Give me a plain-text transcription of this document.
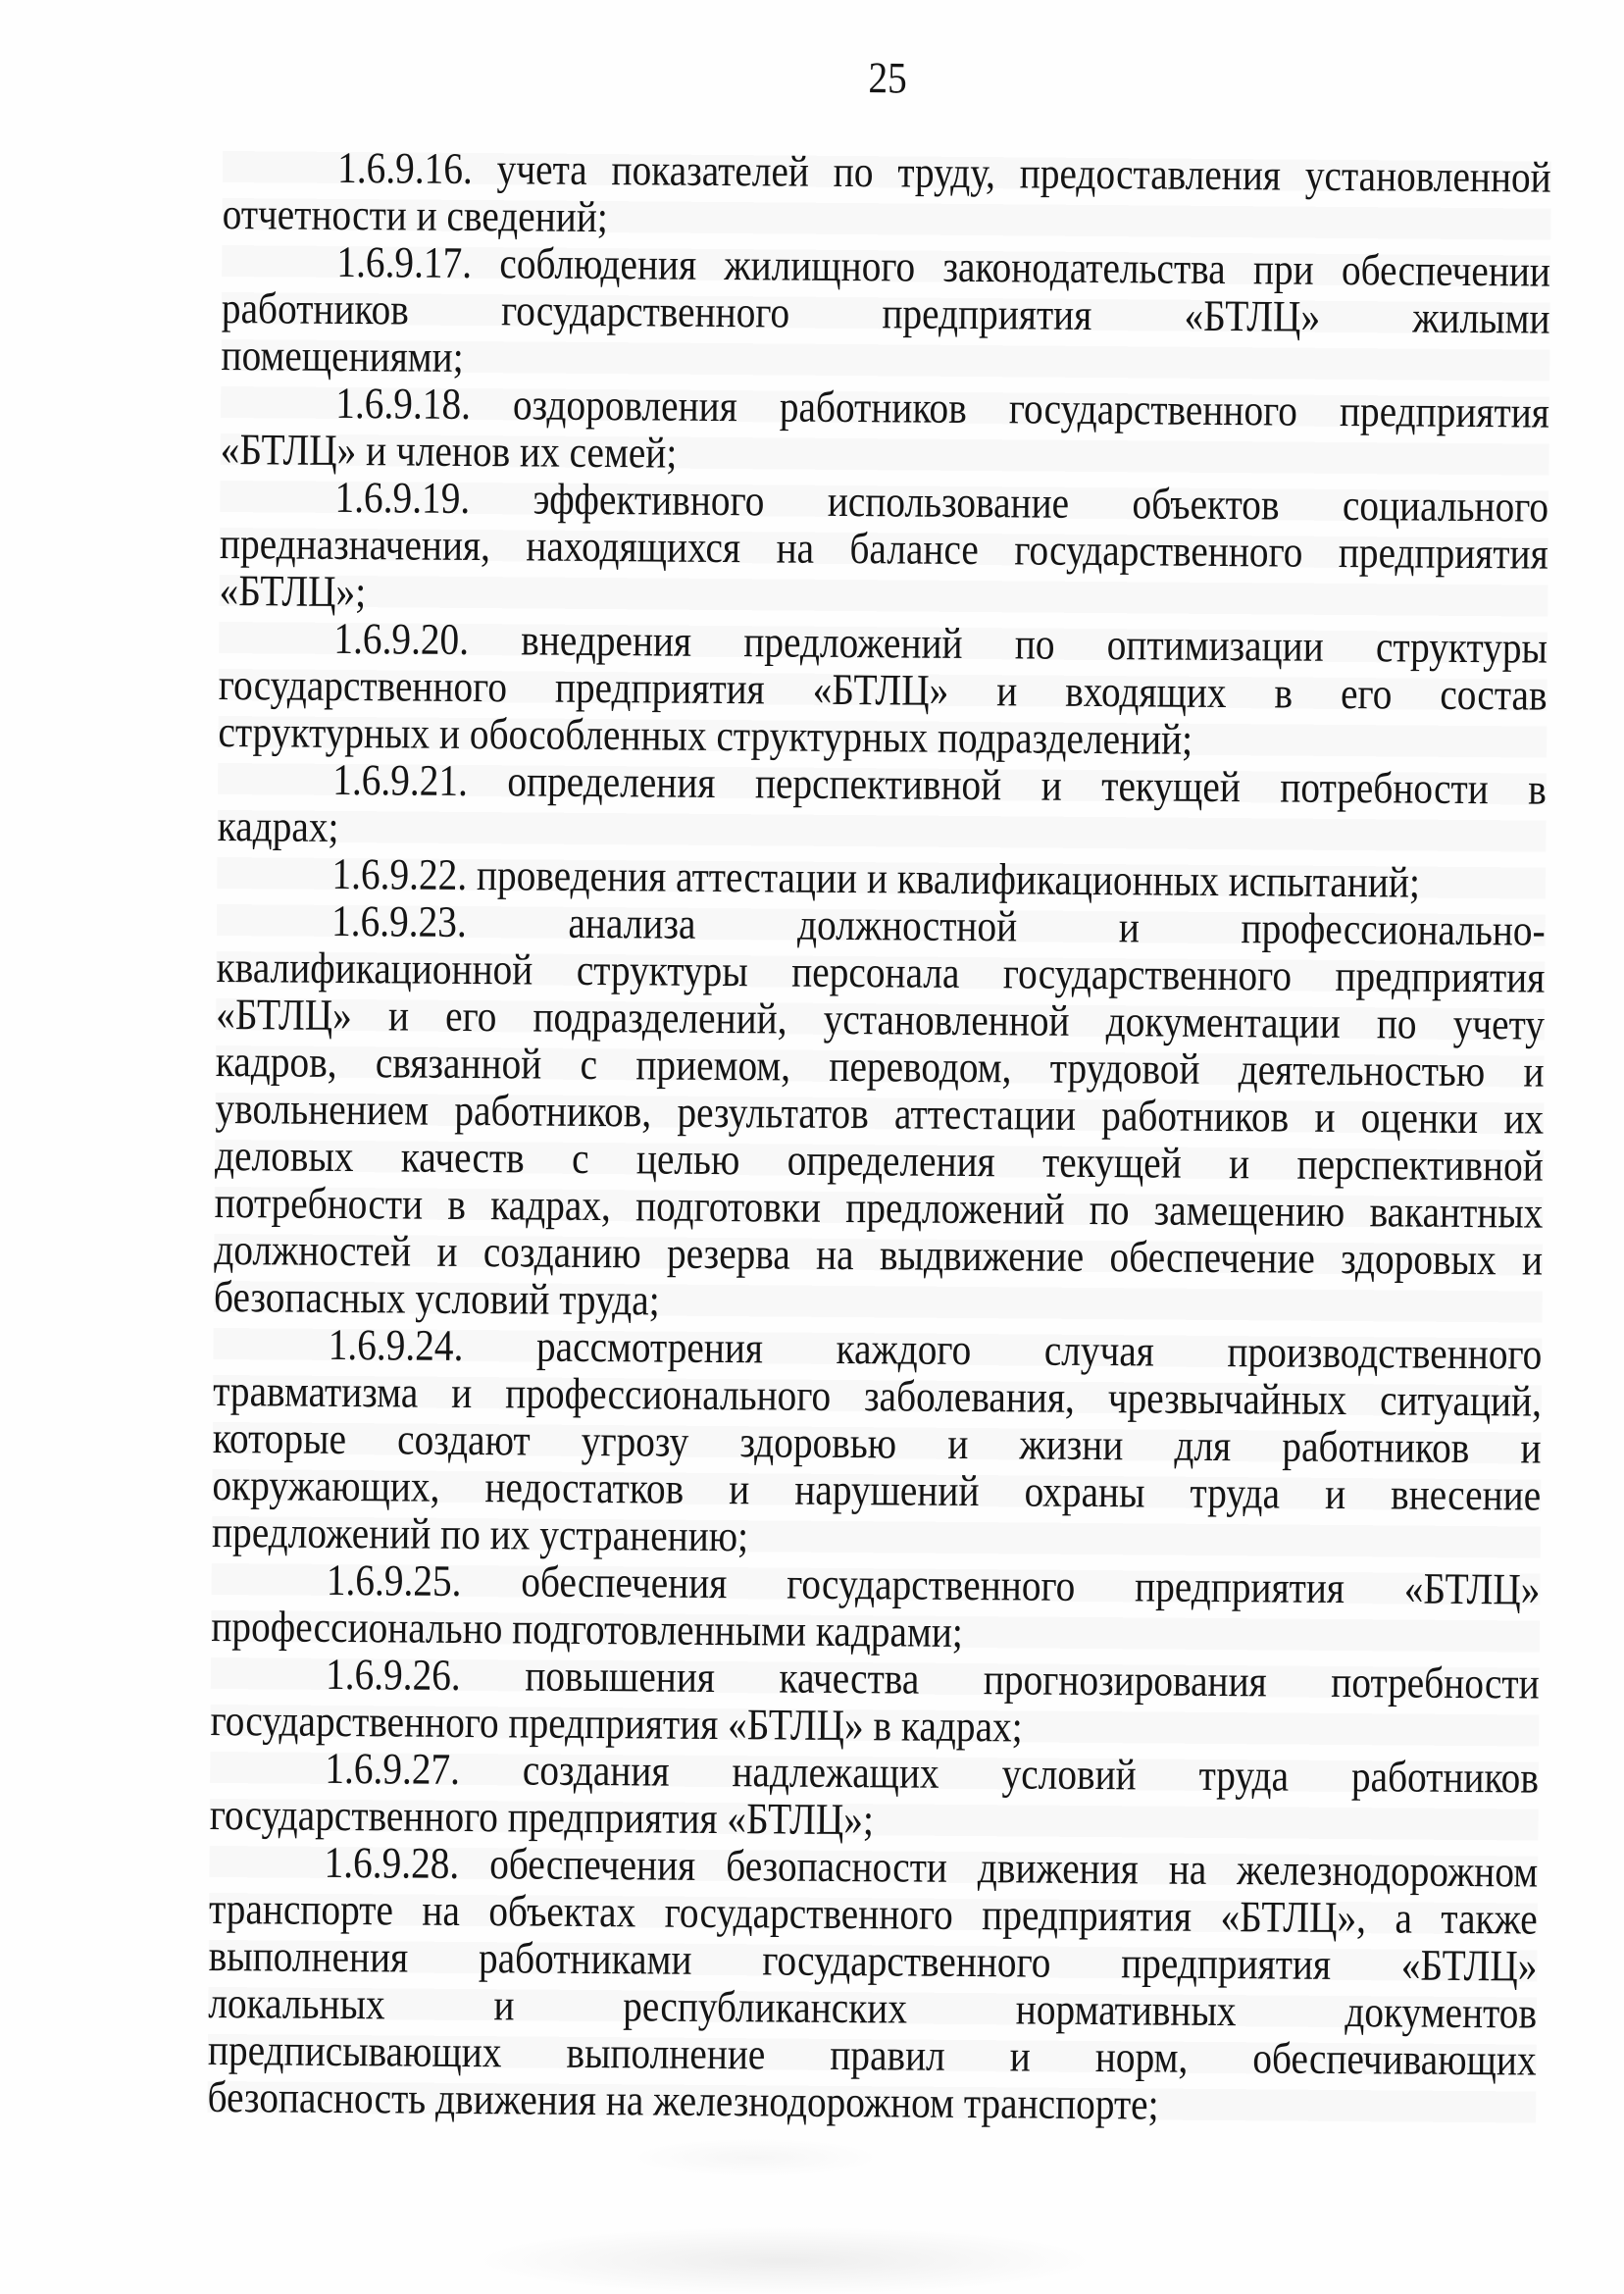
25

1.6.9.16. учета показателей по труду, предоставления установленной
отчетности и сведений;

1.6.9.17. соблюдения жилищного законодательства при обеспечении
работников государственного предприятия «БТЛЦ» жилыми
помещениями;

1.6.9.18. оздоровления работников государственного предприятия
«БТЛЦ» и членов их семей;

1.6.9.19. эффективного использование объектов социального
предназначения, находящихся на балансе государственного предприятия
«БТЛЦ»;

1.6.9.20. внедрения предложений по оптимизации структуры
государственного предприятия «БТЛЦ» и входящих в его состав
структурных и обособленных структурных подразделений;

1.6.9.21. определения перспективной и текущей потребности в
кадрах;

1.6.9.22. проведения аттестации и квалификационных испытаний;

1.6.9.23. анализа должностной и профессионально-
квалификационной структуры персонала государственного предприятия
«БТЛЦ» и его подразделений, установленной документации по учету
кадров, связанной с приемом, переводом, трудовой деятельностью и
увольнением работников, результатов аттестации работников и оценки их
деловых качеств с целью определения текущей и перспективной
потребности в кадрах, подготовки предложений по замещению вакантных
должностей и созданию резерва на выдвижение обеспечение здоровых и
безопасных условий труда;

1.6.9.24. рассмотрения каждого случая производственного
травматизма и профессионального заболевания, чрезвычайных ситуаций,
которые создают угрозу здоровью и жизни для работников и
окружающих, недостатков и нарушений охраны труда и внесение
предложений по их устранению;

1.6.9.25. обеспечения государственного предприятия «БТЛЦ»
профессионально подготовленными кадрами;

1.6.9.26. повышения качества прогнозирования потребности
государственного предприятия «БТЛЦ» в кадрах;

1.6.9.27. создания надлежащих условий труда работников
государственного предприятия «БТЛЦ»;

1.6.9.28. обеспечения безопасности движения на железнодорожном
транспорте на объектах государственного предприятия «БТЛЦ», а также
выполнения работниками государственного предприятия «БТЛЦ»
локальных и республиканских нормативных документов
предписывающих выполнение правил и норм, обеспечивающих
безопасность движения на железнодорожном транспорте;
